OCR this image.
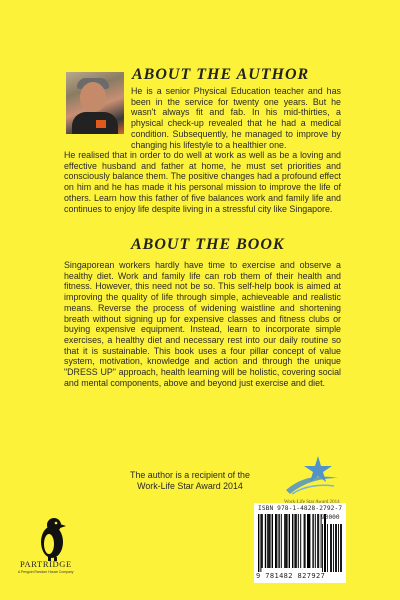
ABOUT THE AUTHOR

He is a senior Physical Education teacher and has been in the service for twenty one years. But he wasn't always fit and fab. In his mid-thirties, a physical check-up revealed that he had a medical condition. Subsequently, he managed to improve by changing his lifestyle to a healthier one.

He realised that in order to do well at work as well as be a loving and effective husband and father at home, he must set priorities and consciously balance them. The positive changes had a profound effect on him and he has made it his personal mission to improve the life of others. Learn how this father of five balances work and family life and continues to enjoy life despite living in a stressful city like Singapore.

ABOUT THE BOOK

Singaporean workers hardly have time to exercise and observe a healthy diet. Work and family life can rob them of their health and fitness. However, this need not be so. This self-help book is aimed at improving the quality of life through simple, achieveable and realistic means. Reverse the process of widening waistline and shortening breath without signing up for expensive classes and fitness clubs or buying expensive equipment. Instead, learn to incorporate simple exercises, a healthy diet and necessary rest into our daily routine so that it is sustainable. This book uses a four pillar concept of value system, motivation, knowledge and action and through the unique "DRESS UP" approach, health learning will be holistic, covering social and mental components, above and beyond just exercise and diet.

The author is a recipient of the
Work-Life Star Award 2014
PARTRIDGE
A Penguin Random House Company
ISBN 978-1-4828-2792-7
90000
9 781482 827927
